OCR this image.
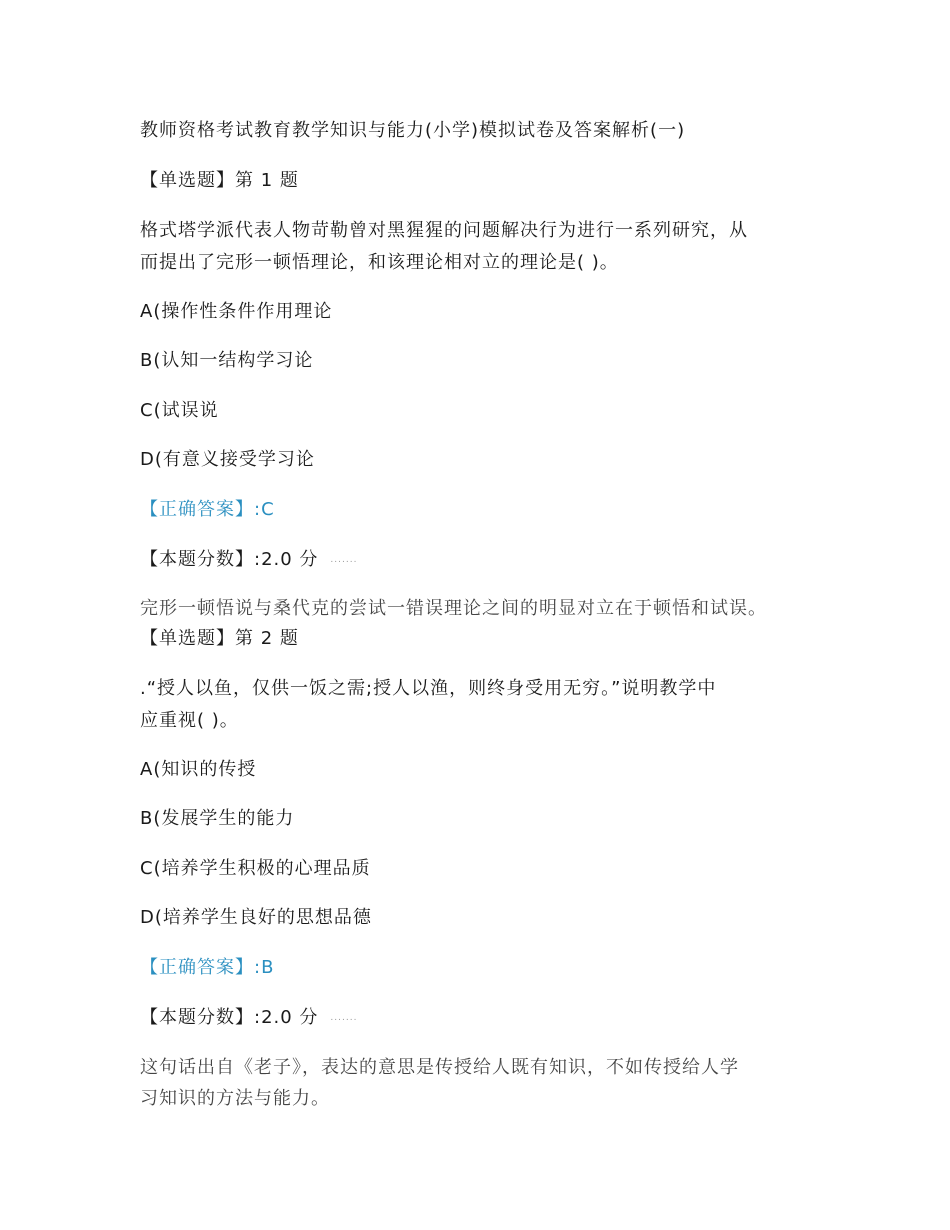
教师资格考试教育教学知识与能力(小学)模拟试卷及答案解析(一)
【单选题】第 1 题
格式塔学派代表人物苛勒曾对黑猩猩的问题解决行为进行一系列研究，从
而提出了完形一顿悟理论，和该理论相对立的理论是( )。
A(操作性条件作用理论
B(认知一结构学习论
C(试误说
D(有意义接受学习论
【正确答案】:C
【本题分数】:2.0 分 .......
完形一顿悟说与桑代克的尝试一错误理论之间的明显对立在于顿悟和试误。
【单选题】第 2 题
.“授人以鱼，仅供一饭之需;授人以渔，则终身受用无穷。”说明教学中
应重视( )。
A(知识的传授
B(发展学生的能力
C(培养学生积极的心理品质
D(培养学生良好的思想品德
【正确答案】:B
【本题分数】:2.0 分 .......
这句话出自《老子》，表达的意思是传授给人既有知识，不如传授给人学
习知识的方法与能力。
